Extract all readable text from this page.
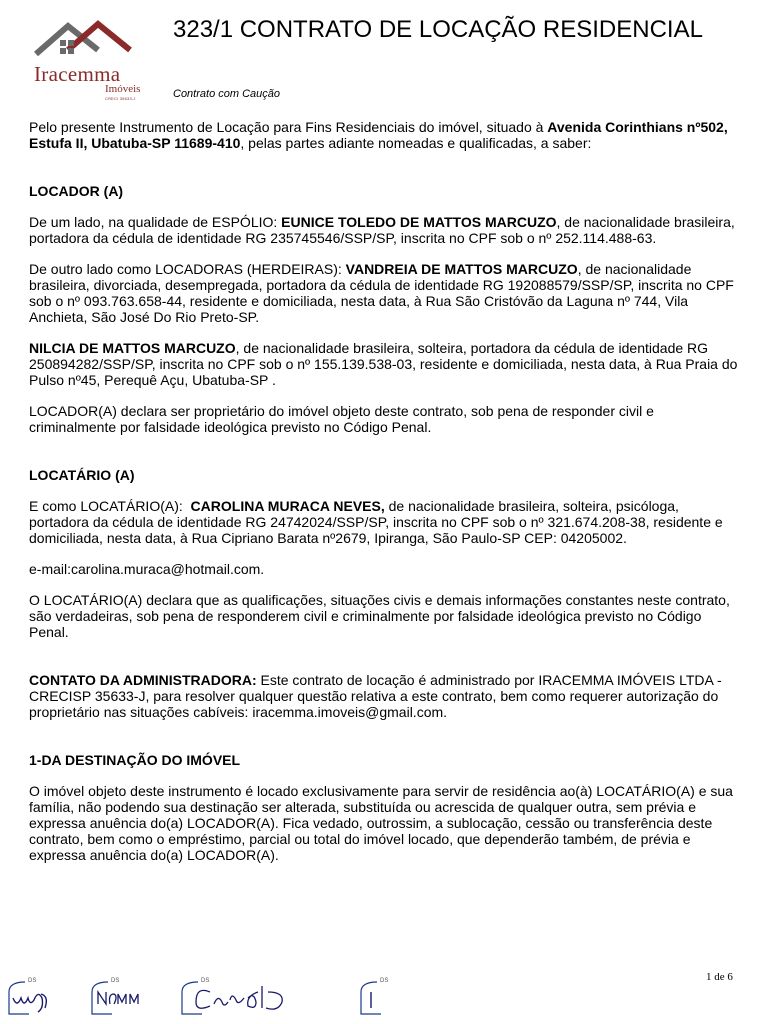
Iracemma
Imóveis
CRECI 35633-J
323/1 CONTRATO DE LOCAÇÃO RESIDENCIAL
Contrato com Caução

Pelo presente Instrumento de Locação para Fins Residenciais do imóvel, situado à Avenida Corinthians nº502, Estufa II, Ubatuba-SP 11689-410, pelas partes adiante nomeadas e qualificadas, a saber:

LOCADOR (A)

De um lado, na qualidade de ESPÓLIO: EUNICE TOLEDO DE MATTOS MARCUZO, de nacionalidade brasileira, portadora da cédula de identidade RG 235745546/SSP/SP, inscrita no CPF sob o nº 252.114.488-63.

De outro lado como LOCADORAS (HERDEIRAS): VANDREIA DE MATTOS MARCUZO, de nacionalidade brasileira, divorciada, desempregada, portadora da cédula de identidade RG 192088579/SSP/SP, inscrita no CPF sob o nº 093.763.658-44, residente e domiciliada, nesta data, à Rua São Cristóvão da Laguna nº 744, Vila Anchieta, São José Do Rio Preto-SP.

NILCIA DE MATTOS MARCUZO, de nacionalidade brasileira, solteira, portadora da cédula de identidade RG 250894282/SSP/SP, inscrita no CPF sob o nº 155.139.538-03, residente e domiciliada, nesta data, à Rua Praia do Pulso nº45, Perequê Açu, Ubatuba-SP .

LOCADOR(A) declara ser proprietário do imóvel objeto deste contrato, sob pena de responder civil e criminalmente por falsidade ideológica previsto no Código Penal.

LOCATÁRIO (A)

E como LOCATÁRIO(A):  CAROLINA MURACA NEVES, de nacionalidade brasileira, solteira, psicóloga, portadora da cédula de identidade RG 24742024/SSP/SP, inscrita no CPF sob o nº 321.674.208-38, residente e domiciliada, nesta data, à Rua Cipriano Barata nº2679, Ipiranga, São Paulo-SP CEP: 04205002.

e-mail:carolina.muraca@hotmail.com.

O LOCATÁRIO(A) declara que as qualificações, situações civis e demais informações constantes neste contrato, são verdadeiras, sob pena de responderem civil e criminalmente por falsidade ideológica previsto no Código Penal.

CONTATO DA ADMINISTRADORA: Este contrato de locação é administrado por IRACEMMA IMÓVEIS LTDA - CRECISP 35633-J, para resolver qualquer questão relativa a este contrato, bem como requerer autorização do proprietário nas situações cabíveis: iracemma.imoveis@gmail.com.

1-DA DESTINAÇÃO DO IMÓVEL

O imóvel objeto deste instrumento é locado exclusivamente para servir de residência ao(à) LOCATÁRIO(A) e sua família, não podendo sua destinação ser alterada, substituída ou acrescida de qualquer outra, sem prévia e expressa anuência do(a) LOCADOR(A). Fica vedado, outrossim, a sublocação, cessão ou transferência deste contrato, bem como o empréstimo, parcial ou total do imóvel locado, que dependerão também, de prévia e expressa anuência do(a) LOCADOR(A).

1 de 6
DS	DS	DS	DS
